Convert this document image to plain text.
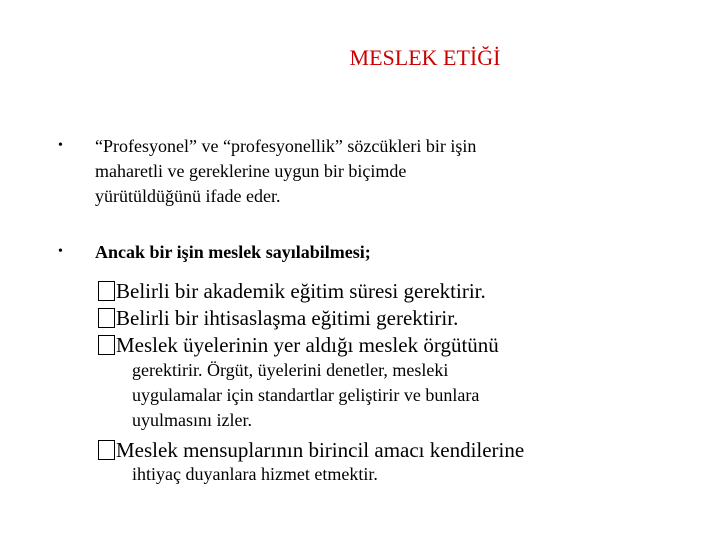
MESLEK ETİĞİ
• “Profesyonel” ve “profesyonellik” sözcükleri bir işin
maharetli ve gereklerine uygun bir biçimde
yürütüldüğünü ifade eder.
• Ancak bir işin meslek sayılabilmesi;
Belirli bir akademik eğitim süresi gerektirir.
Belirli bir ihtisaslaşma eğitimi gerektirir.
Meslek üyelerinin yer aldığı meslek örgütünü
gerektirir. Örgüt, üyelerini denetler, mesleki
uygulamalar için standartlar geliştirir ve bunlara
uyulmasını izler.
Meslek mensuplarının birincil amacı kendilerine
ihtiyaç duyanlara hizmet etmektir.
